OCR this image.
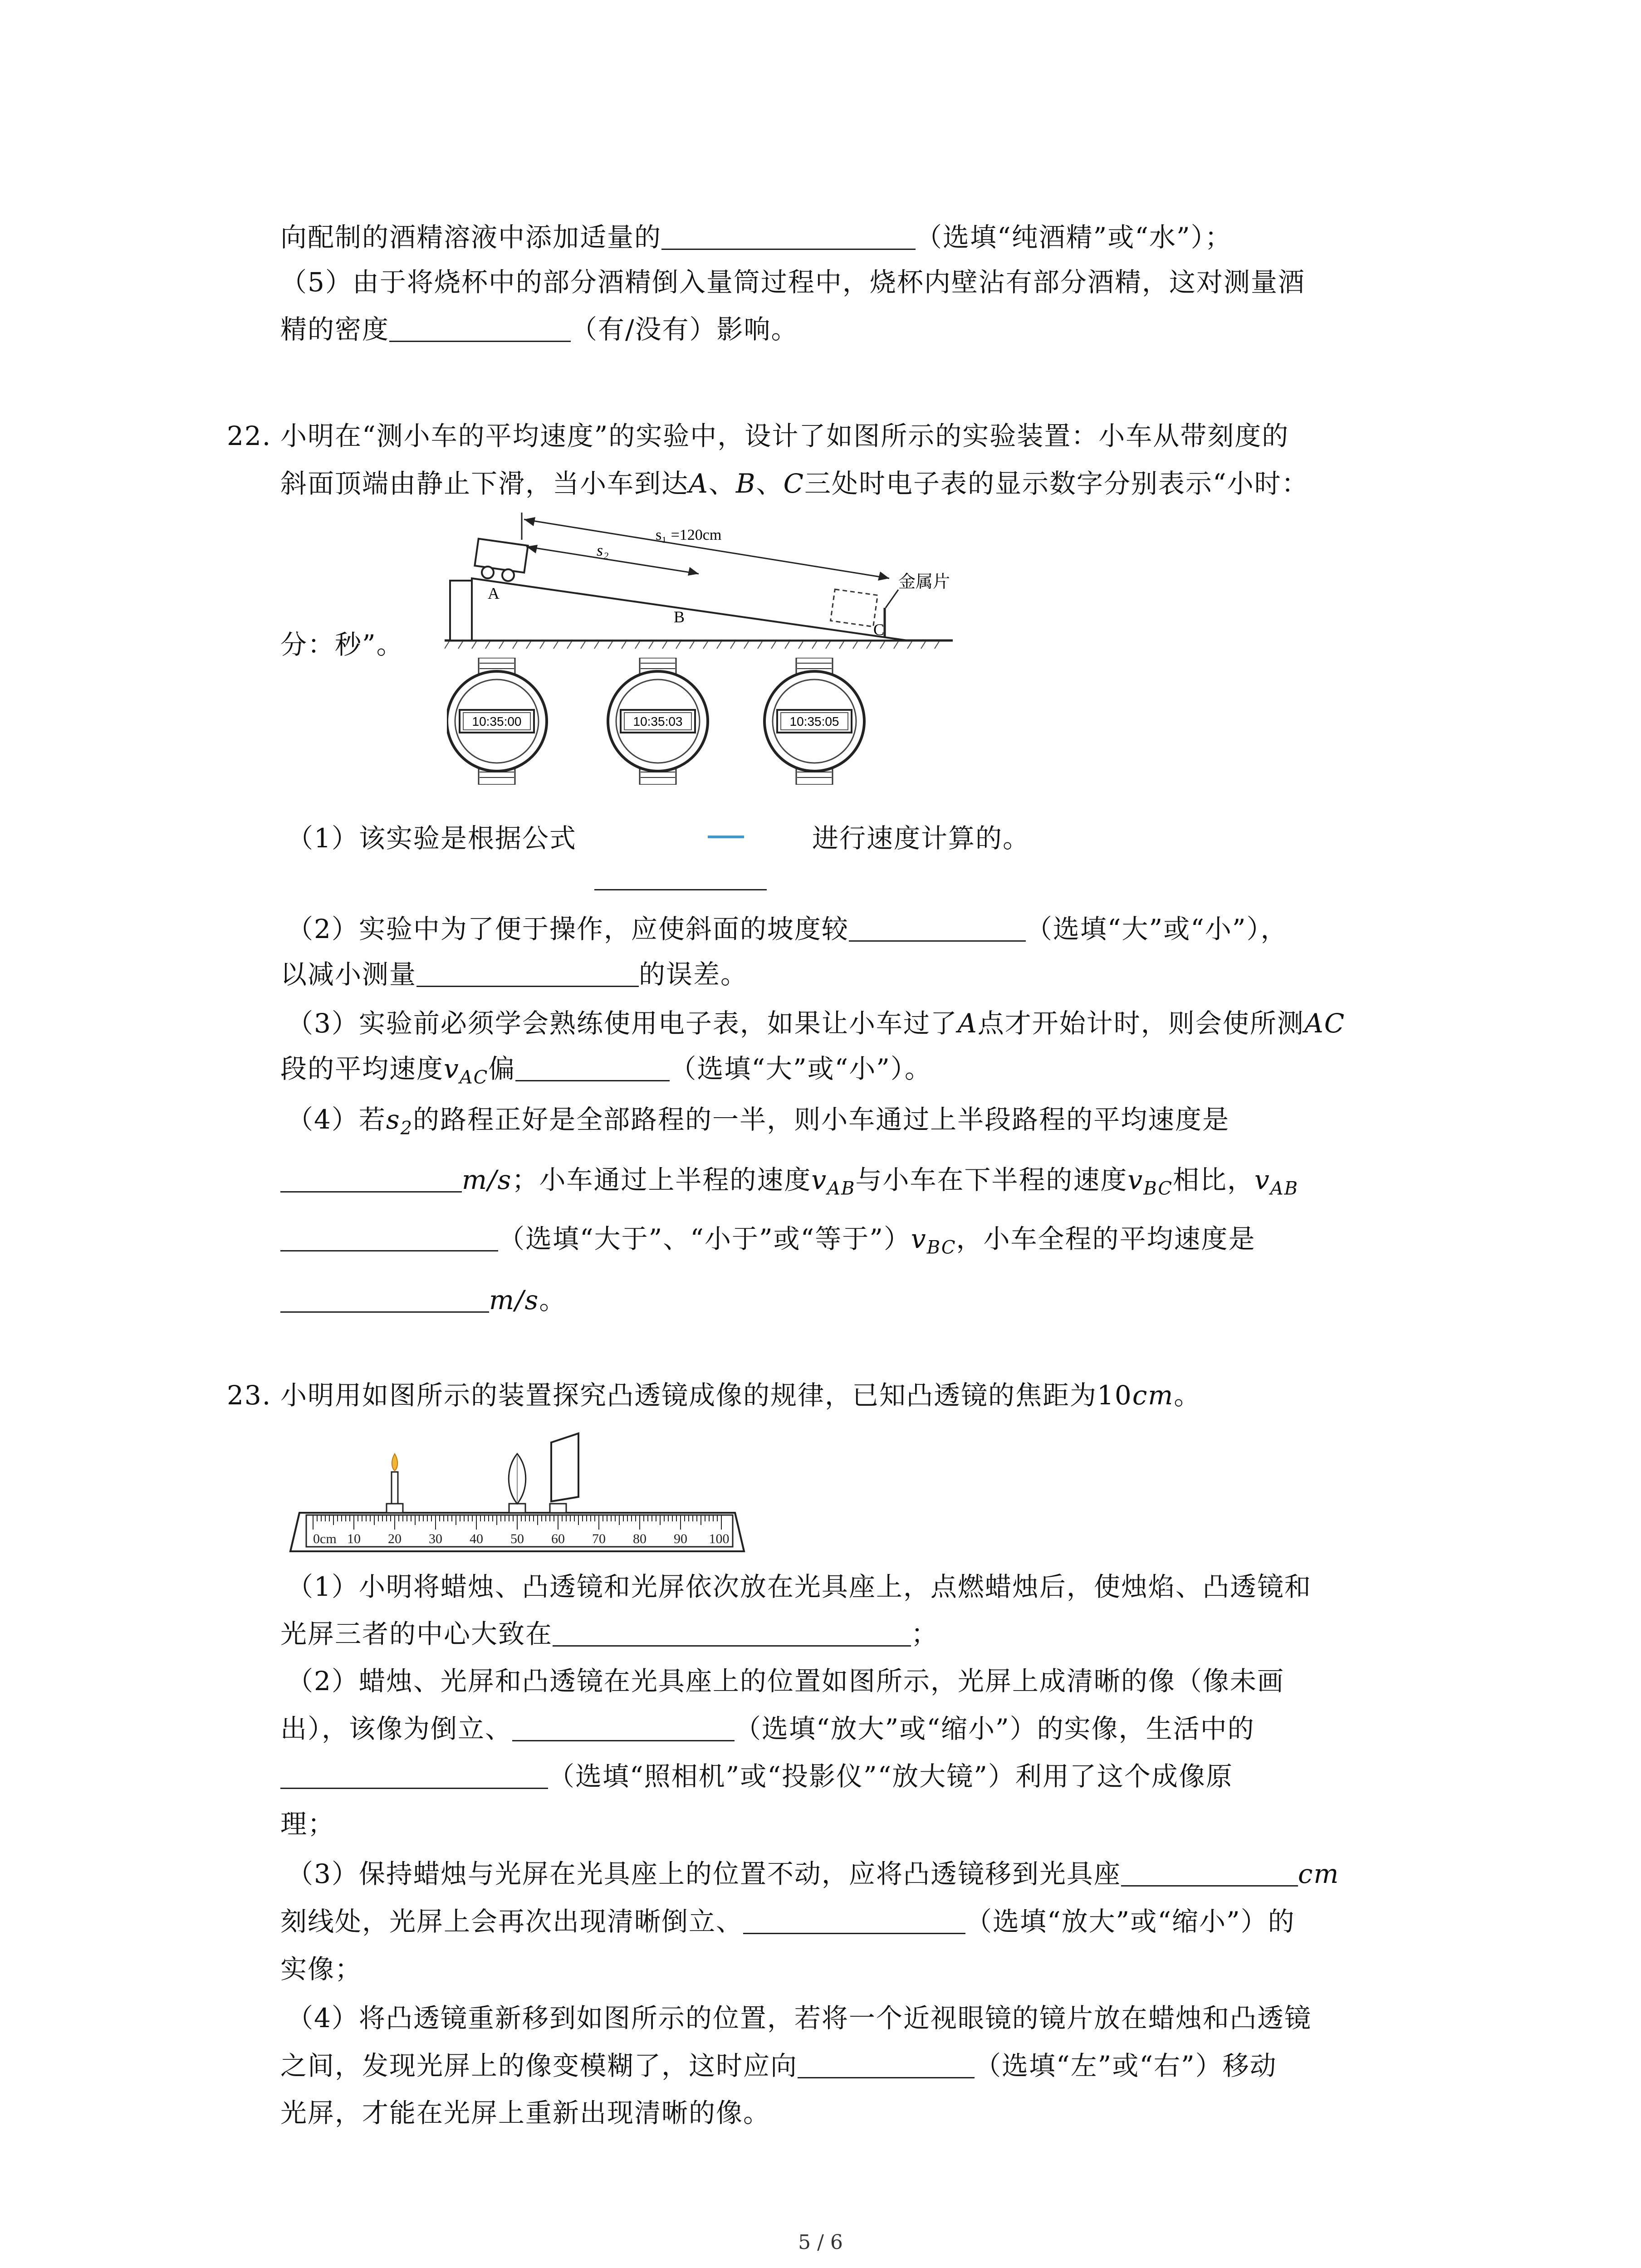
向配制的酒精溶液中添加适量的	（选填“纯酒精”或“水”）；
（5）由于将烧杯中的部分酒精倒入量筒过程中，烧杯内壁沾有部分酒精，这对测量酒
精的密度	（有/没有）影响。
22. 小明在“测小车的平均速度”的实验中，设计了如图所示的实验装置：小车从带刻度的
斜面顶端由静止下滑，当小车到达A、B、C三处时电子表的显示数字分别表示“小时：
分：秒”。
金属片
s₁ =120cm
s₂
A
B
C
10:35:00	10:35:03	10:35:05
（1）该实验是根据公式	进行速度计算的。
（2）实验中为了便于操作，应使斜面的坡度较	（选填“大”或“小”），
以减小测量	的误差。
（3）实验前必须学会熟练使用电子表，如果让小车过了A点才开始计时，则会使所测AC
段的平均速度$v_{AC}$偏	（选填“大”或“小”）。
（4）若$s_2$的路程正好是全部路程的一半，则小车通过上半段路程的平均速度是
m/s；小车通过上半程的速度$v_{AB}$与小车在下半程的速度$v_{BC}$相比，$v_{AB}$
（选填“大于”、“小于”或“等于$”)v_{BC}$，小车全程的平均速度是
m/s。
23. 小明用如图所示的装置探究凸透镜成像的规律，已知凸透镜的焦距为10cm。
0cm 10 20 30 40 50 60 70 80 90 100
（1）小明将蜡烛、凸透镜和光屏依次放在光具座上，点燃蜡烛后，使烛焰、凸透镜和
光屏三者的中心大致在	；
（2）蜡烛、光屏和凸透镜在光具座上的位置如图所示，光屏上成清晰的像（像未画
出），该像为倒立、	（选填“放大”或“缩小”）的实像，生活中的
（选填“照相机”或“投影仪”“放大镜”）利用了这个成像原
理；
（3）保持蜡烛与光屏在光具座上的位置不动，应将凸透镜移到光具座	cm
刻线处，光屏上会再次出现清晰倒立、	（选填“放大”或“缩小”）的
实像；
（4）将凸透镜重新移到如图所示的位置，若将一个近视眼镜的镜片放在蜡烛和凸透镜
之间，发现光屏上的像变模糊了，这时应向	（选填“左”或“右”）移动
光屏，才能在光屏上重新出现清晰的像。
5 / 6
